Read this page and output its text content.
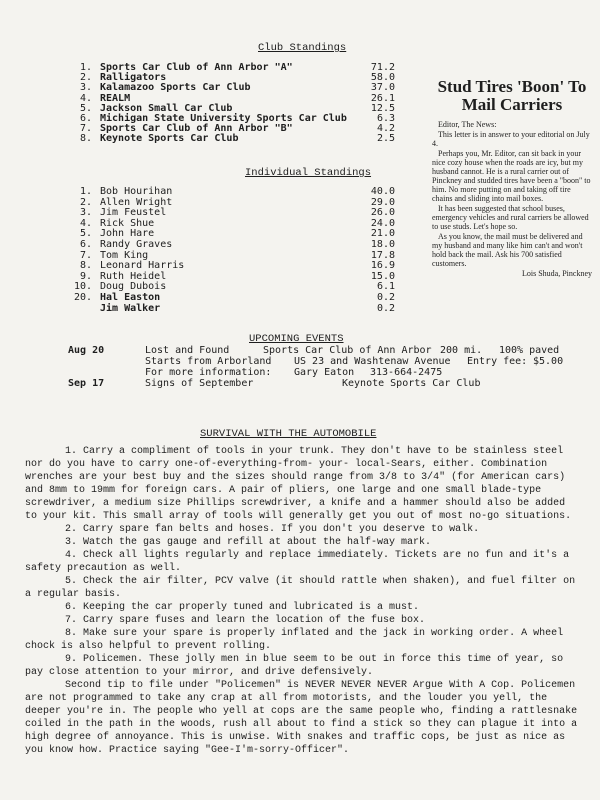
Club Standings
1. Sports Car Club of Ann Arbor "A"	71.2
2. Ralligators	58.0
3. Kalamazoo Sports Car Club	37.0
4. REALM	26.1
5. Jackson Small Car Club	12.5
6. Michigan State University Sports Car Club	6.3
7. Sports Car Club of Ann Arbor "B"	4.2
8. Keynote Sports Car Club	2.5
Individual Standings
1. Bob Hourihan	40.0
2. Allen Wright	29.0
3. Jim Feustel	26.0
4. Rick Shue	24.0
5. John Hare	21.0
6. Randy Graves	18.0
7. Tom King	17.8
8. Leonard Harris	16.9
9. Ruth Heidel	15.0
10. Doug Dubois	6.1
20. Hal Easton	0.2
Jim Walker	0.2
Stud Tires 'Boon' To Mail Carriers

Editor, The News:

This letter is in answer to your editorial on July 4.

Perhaps you, Mr. Editor, can sit back in your nice cozy house when the roads are icy, but my husband cannot. He is a rural carrier out of Pinckney and studded tires have been a "boon" to him. No more putting on and taking off tire chains and sliding into mail boxes.

It has been suggested that school buses, emergency vehicles and rural carriers be allowed to use studs. Let's hope so.

As you know, the mail must be delivered and my husband and many like him can't and won't hold back the mail. Ask his 700 satisfied customers.

Lois Shuda, Pinckney

UPCOMING EVENTS
Aug 20	Lost and Found	Sports Car Club of Ann Arbor 200 mi. 100% paved
Starts from Arborland US 23 and Washtenaw Avenue Entry fee: $5.00
For more information: Gary Eaton 313-664-2475
Sep 17	Signs of September	Keynote Sports Car Club
SURVIVAL WITH THE AUTOMOBILE

1. Carry a compliment of tools in your trunk. They don't have to be stainless steel nor do you have to carry one-of-everything-from- your- local-Sears, either. Combination wrenches are your best buy and the sizes should range from 3/8 to 3/4" (for American cars) and 8mm to 19mm for foreign cars. A pair of pliers, one large and one small blade-type screwdriver, a medium size Phillips screwdriver, a knife and a hammer should also be added to your kit. This small array of tools will generally get you out of most no-go situations.

2. Carry spare fan belts and hoses. If you don't you deserve to walk.

3. Watch the gas gauge and refill at about the half-way mark.

4. Check all lights regularly and replace immediately. Tickets are no fun and it's a safety precaution as well.

5. Check the air filter, PCV valve (it should rattle when shaken), and fuel filter on a regular basis.

6. Keeping the car properly tuned and lubricated is a must.

7. Carry spare fuses and learn the location of the fuse box.

8. Make sure your spare is properly inflated and the jack in working order. A wheel chock is also helpful to prevent rolling.

9. Policemen. These jolly men in blue seem to be out in force this time of year, so pay close attention to your mirror, and drive defensively.

Second tip to file under "Policemen" is NEVER NEVER NEVER Argue With A Cop. Policemen are not programmed to take any crap at all from motorists, and the louder you yell, the deeper you're in. The people who yell at cops are the same people who, finding a rattlesnake coiled in the path in the woods, rush all about to find a stick so they can plague it into a high degree of annoyance. This is unwise. With snakes and traffic cops, be just as nice as you know how. Practice saying "Gee-I'm-sorry-Officer".
